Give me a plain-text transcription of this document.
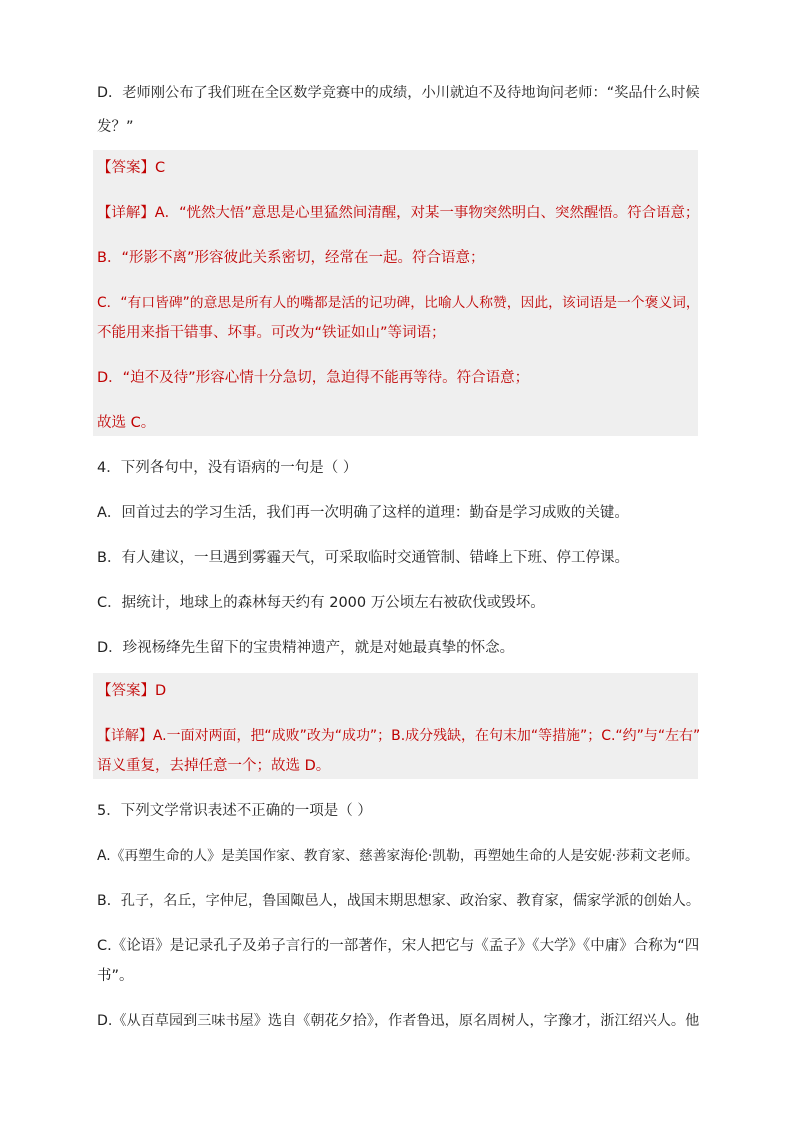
D．老师刚公布了我们班在全区数学竞赛中的成绩，小川就迫不及待地询问老师：“奖品什么时候
发？”
【答案】C
【详解】A．“恍然大悟”意思是心里猛然间清醒，对某一事物突然明白、突然醒悟。符合语意；
B．“形影不离”形容彼此关系密切，经常在一起。符合语意；
C．“有口皆碑”的意思是所有人的嘴都是活的记功碑，比喻人人称赞，因此，该词语是一个褒义词，
不能用来指干错事、坏事。可改为“铁证如山”等词语；
D．“迫不及待”形容心情十分急切，急迫得不能再等待。符合语意；
故选 C。
4．下列各句中，没有语病的一句是（ ）
A．回首过去的学习生活，我们再一次明确了这样的道理：勤奋是学习成败的关键。
B．有人建议，一旦遇到雾霾天气，可采取临时交通管制、错峰上下班、停工停课。
C．据统计，地球上的森林每天约有 2000 万公顷左右被砍伐或毁坏。
D．珍视杨绛先生留下的宝贵精神遗产，就是对她最真挚的怀念。
【答案】D
【详解】A.一面对两面，把“成败”改为“成功”；B.成分残缺，在句末加“等措施”；C.“约”与“左右”
语义重复，去掉任意一个；故选 D。
5．下列文学常识表述不正确的一项是（ ）
A.《再塑生命的人》是美国作家、教育家、慈善家海伦·凯勒，再塑她生命的人是安妮·莎莉文老师。
B．孔子，名丘，字仲尼，鲁国陬邑人，战国末期思想家、政治家、教育家，儒家学派的创始人。
C.《论语》是记录孔子及弟子言行的一部著作，宋人把它与《孟子》《大学》《中庸》合称为“四
书”。
D.《从百草园到三味书屋》选自《朝花夕拾》，作者鲁迅，原名周树人，字豫才，浙江绍兴人。他
